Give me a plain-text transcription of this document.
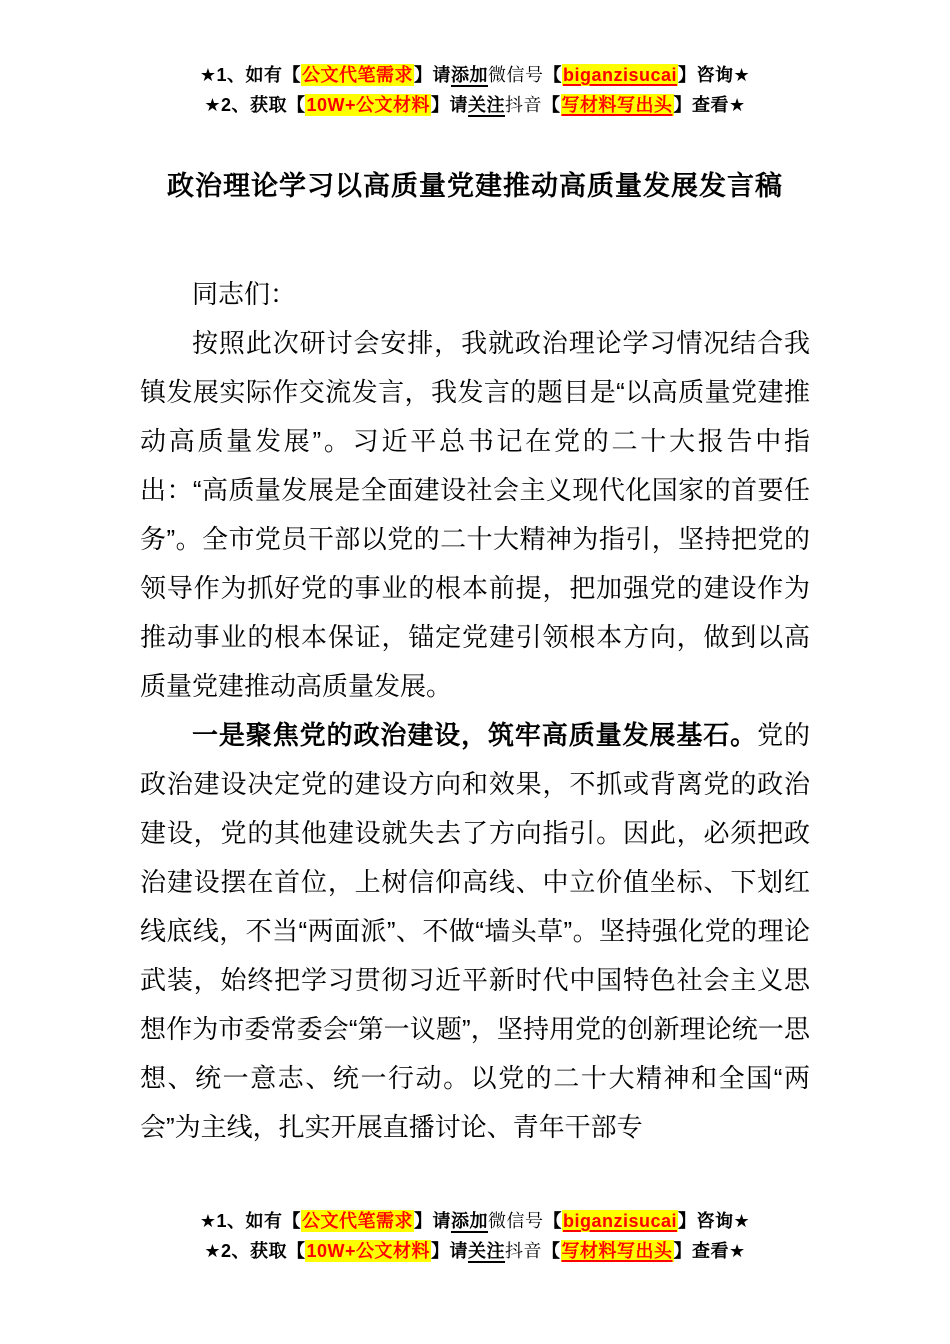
★1、如有【公文代笔需求】请添加微信号【biganzisucai】咨询★
★2、获取【10W+公文材料】请关注抖音【写材料写出头】查看★
政治理论学习以高质量党建推动高质量发展发言稿

同志们：

按照此次研讨会安排，我就政治理论学习情况结合我镇发展实际作交流发言，我发言的题目是“以高质量党建推动高质量发展”。习近平总书记在党的二十大报告中指出：“高质量发展是全面建设社会主义现代化国家的首要任务”。全市党员干部以党的二十大精神为指引，坚持把党的领导作为抓好党的事业的根本前提，把加强党的建设作为推动事业的根本保证，锚定党建引领根本方向，做到以高质量党建推动高质量发展。

一是聚焦党的政治建设，筑牢高质量发展基石。党的政治建设决定党的建设方向和效果，不抓或背离党的政治建设，党的其他建设就失去了方向指引。因此，必须把政治建设摆在首位，上树信仰高线、中立价值坐标、下划红线底线，不当“两面派”、不做“墙头草”。坚持强化党的理论武装，始终把学习贯彻习近平新时代中国特色社会主义思想作为市委常委会“第一议题”，坚持用党的创新理论统一思想、统一意志、统一行动。以党的二十大精神和全国“两会”为主线，扎实开展直播讨论、青年干部专

★1、如有【公文代笔需求】请添加微信号【biganzisucai】咨询★
★2、获取【10W+公文材料】请关注抖音【写材料写出头】查看★
